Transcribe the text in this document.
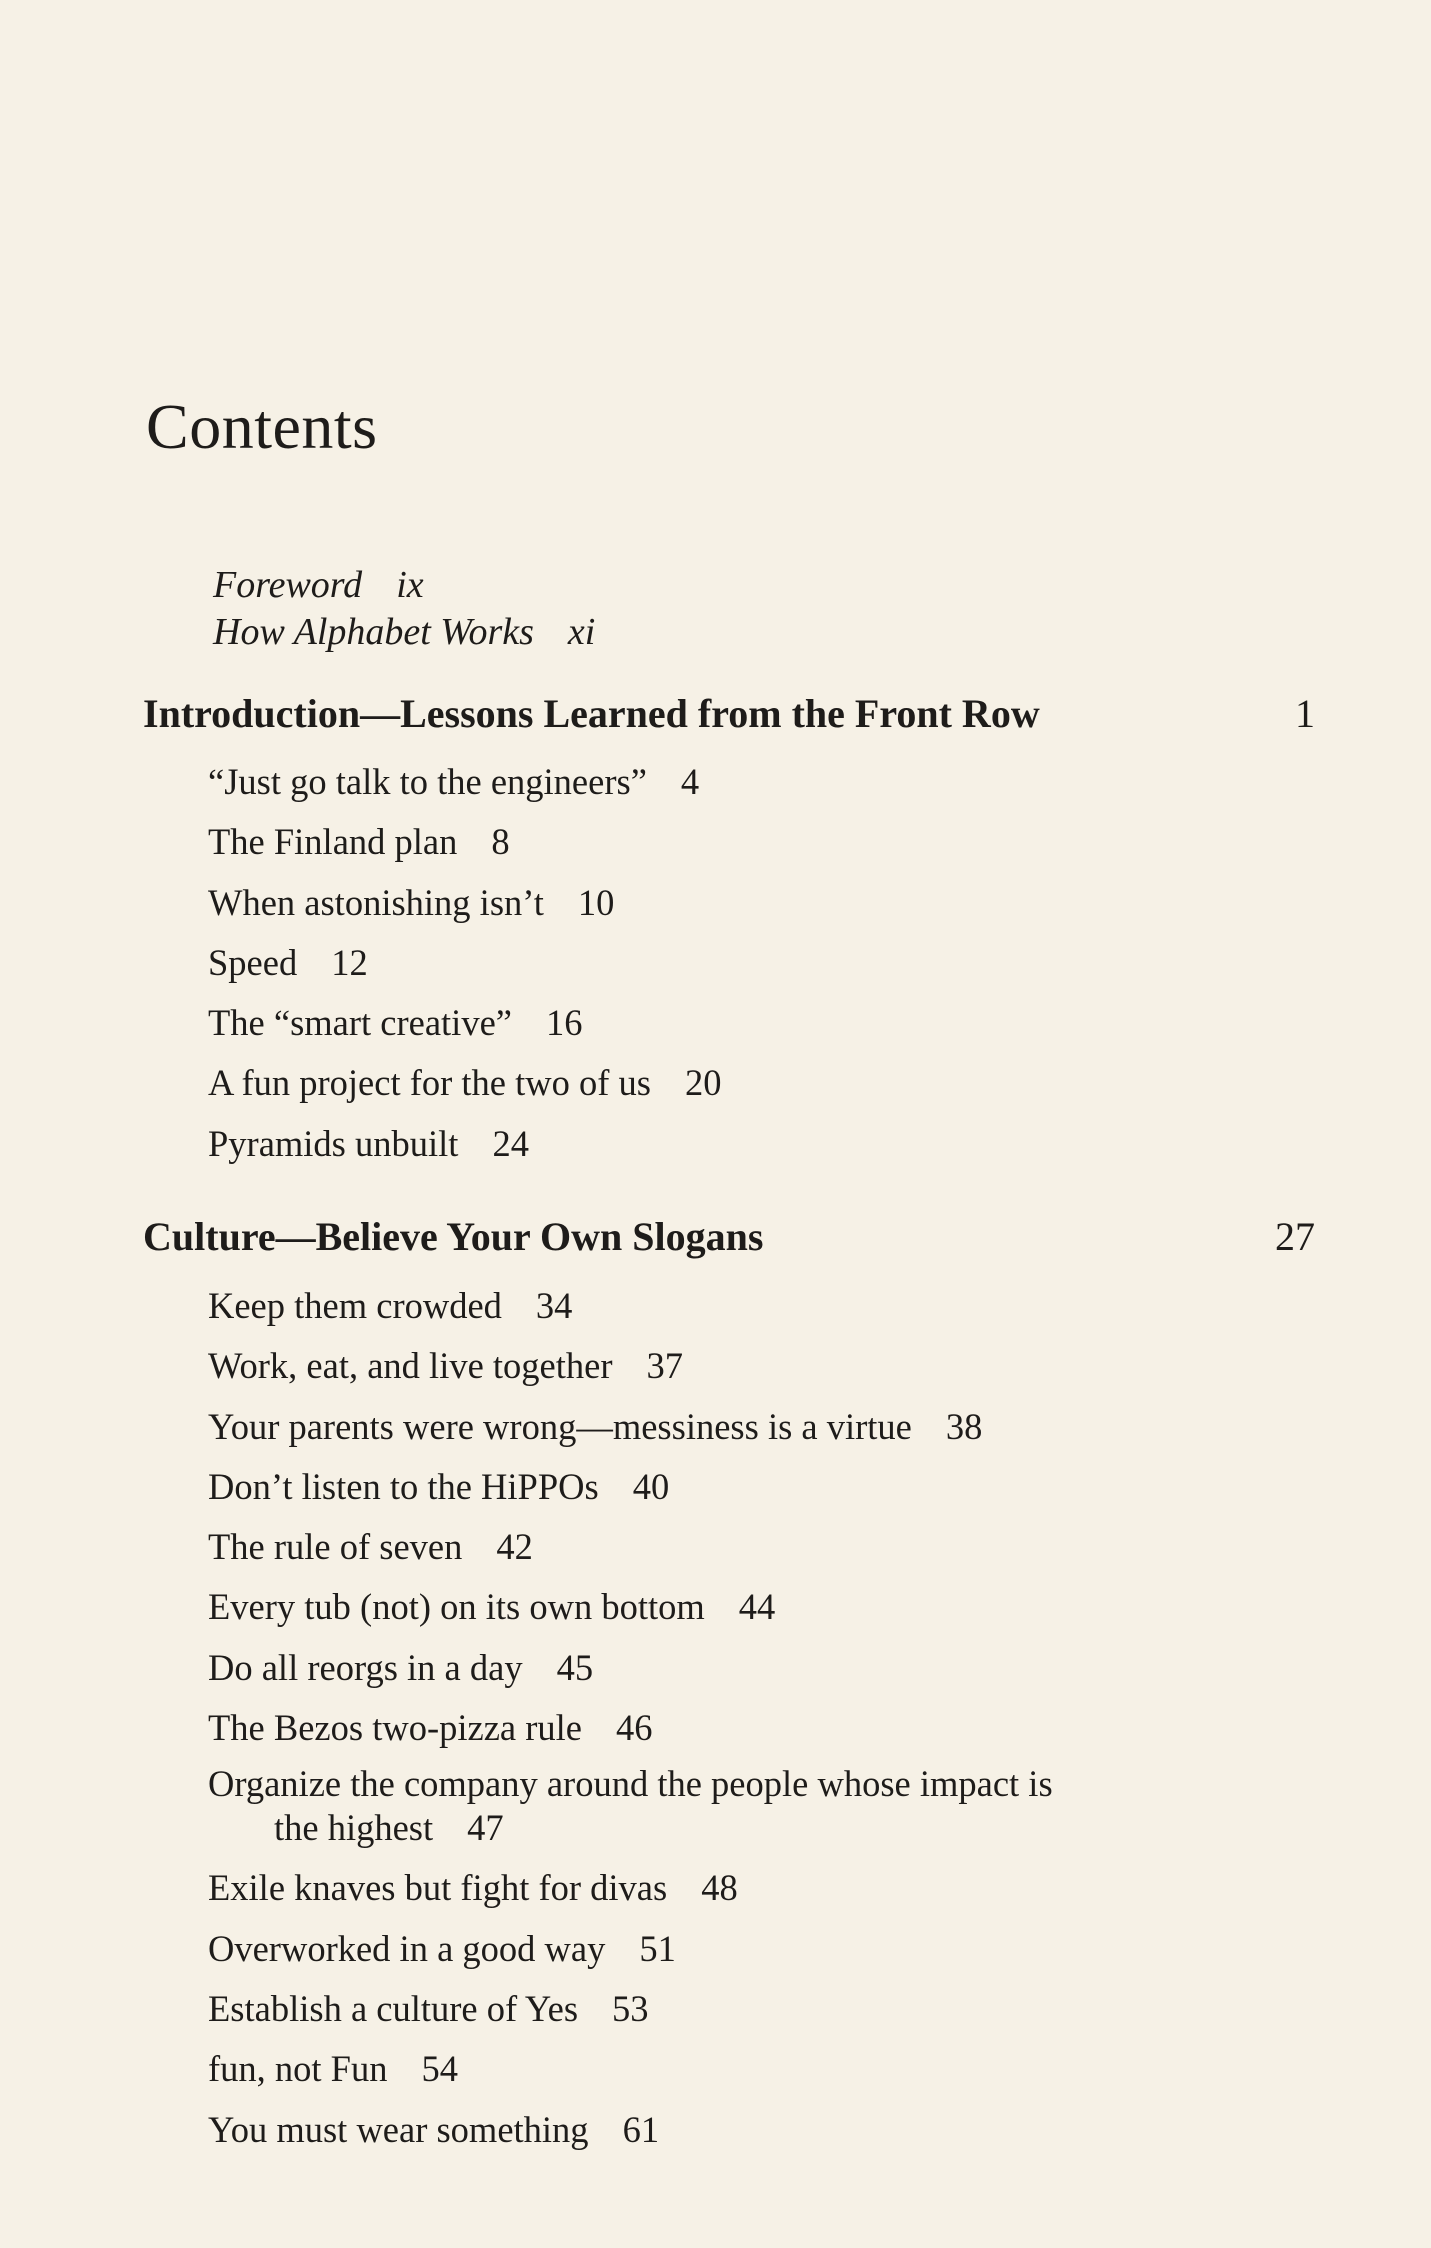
Contents
Foreword ix
How Alphabet Works xi
Introduction—Lessons Learned from the Front Row	1
“Just go talk to the engineers” 4
The Finland plan 8
When astonishing isn’t 10
Speed 12
The “smart creative” 16
A fun project for the two of us 20
Pyramids unbuilt 24
Culture—Believe Your Own Slogans	27
Keep them crowded 34
Work, eat, and live together 37
Your parents were wrong—messiness is a virtue 38
Don’t listen to the HiPPOs 40
The rule of seven 42
Every tub (not) on its own bottom 44
Do all reorgs in a day 45
The Bezos two-pizza rule 46
Organize the company around the people whose impact is the highest 47
Exile knaves but fight for divas 48
Overworked in a good way 51
Establish a culture of Yes 53
fun, not Fun 54
You must wear something 61
